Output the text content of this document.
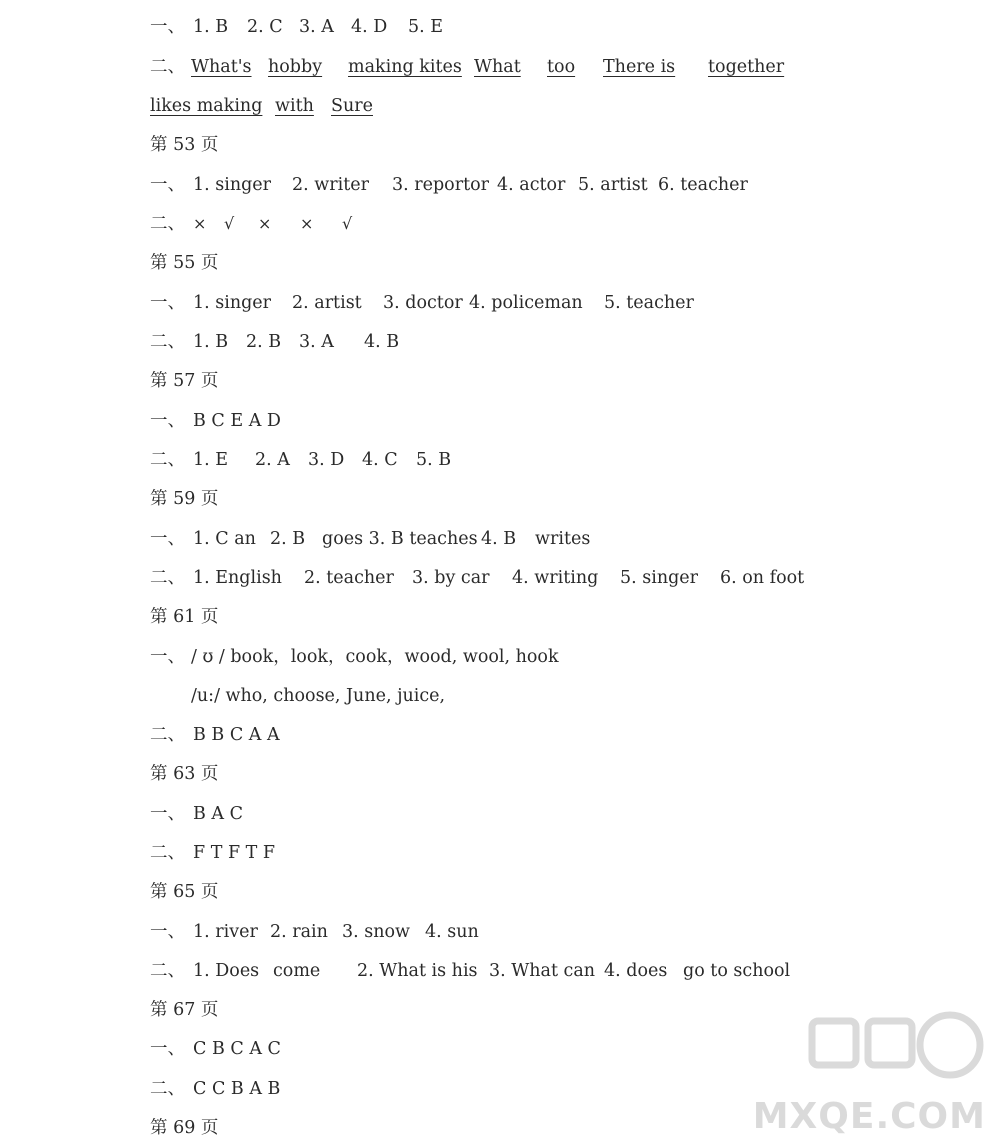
一、 1. B 2. C 3. A 4. D 5. E
二、 What's hobby making kites What too There is together
likes making with Sure
第 53 页
一、 1. singer 2. writer 3. reportor 4. actor 5. artist 6. teacher
二、 × √ × × √
第 55 页
一、 1. singer 2. artist 3. doctor 4. policeman 5. teacher
二、 1. B 2. B 3. A 4. B
第 57 页
一、 B C E A D
二、 1. E 2. A 3. D 4. C 5. B
第 59 页
一、 1. C an 2. B goes 3. B teaches 4. B writes
二、 1. English 2. teacher 3. by car 4. writing 5. singer 6. on foot
第 61 页
一、 / ʊ / book，look，cook，wood, wool, hook
/u:/ who, choose, June, juice,
二、 B B C A A
第 63 页
一、 B A C
二、 F T F T F
第 65 页
一、 1. river 2. rain 3. snow 4. sun
二、 1. Does come 2. What is his 3. What can 4. does go to school
第 67 页
一、 C B C A C
二、 C C B A B
第 69 页	MXQE.COM
